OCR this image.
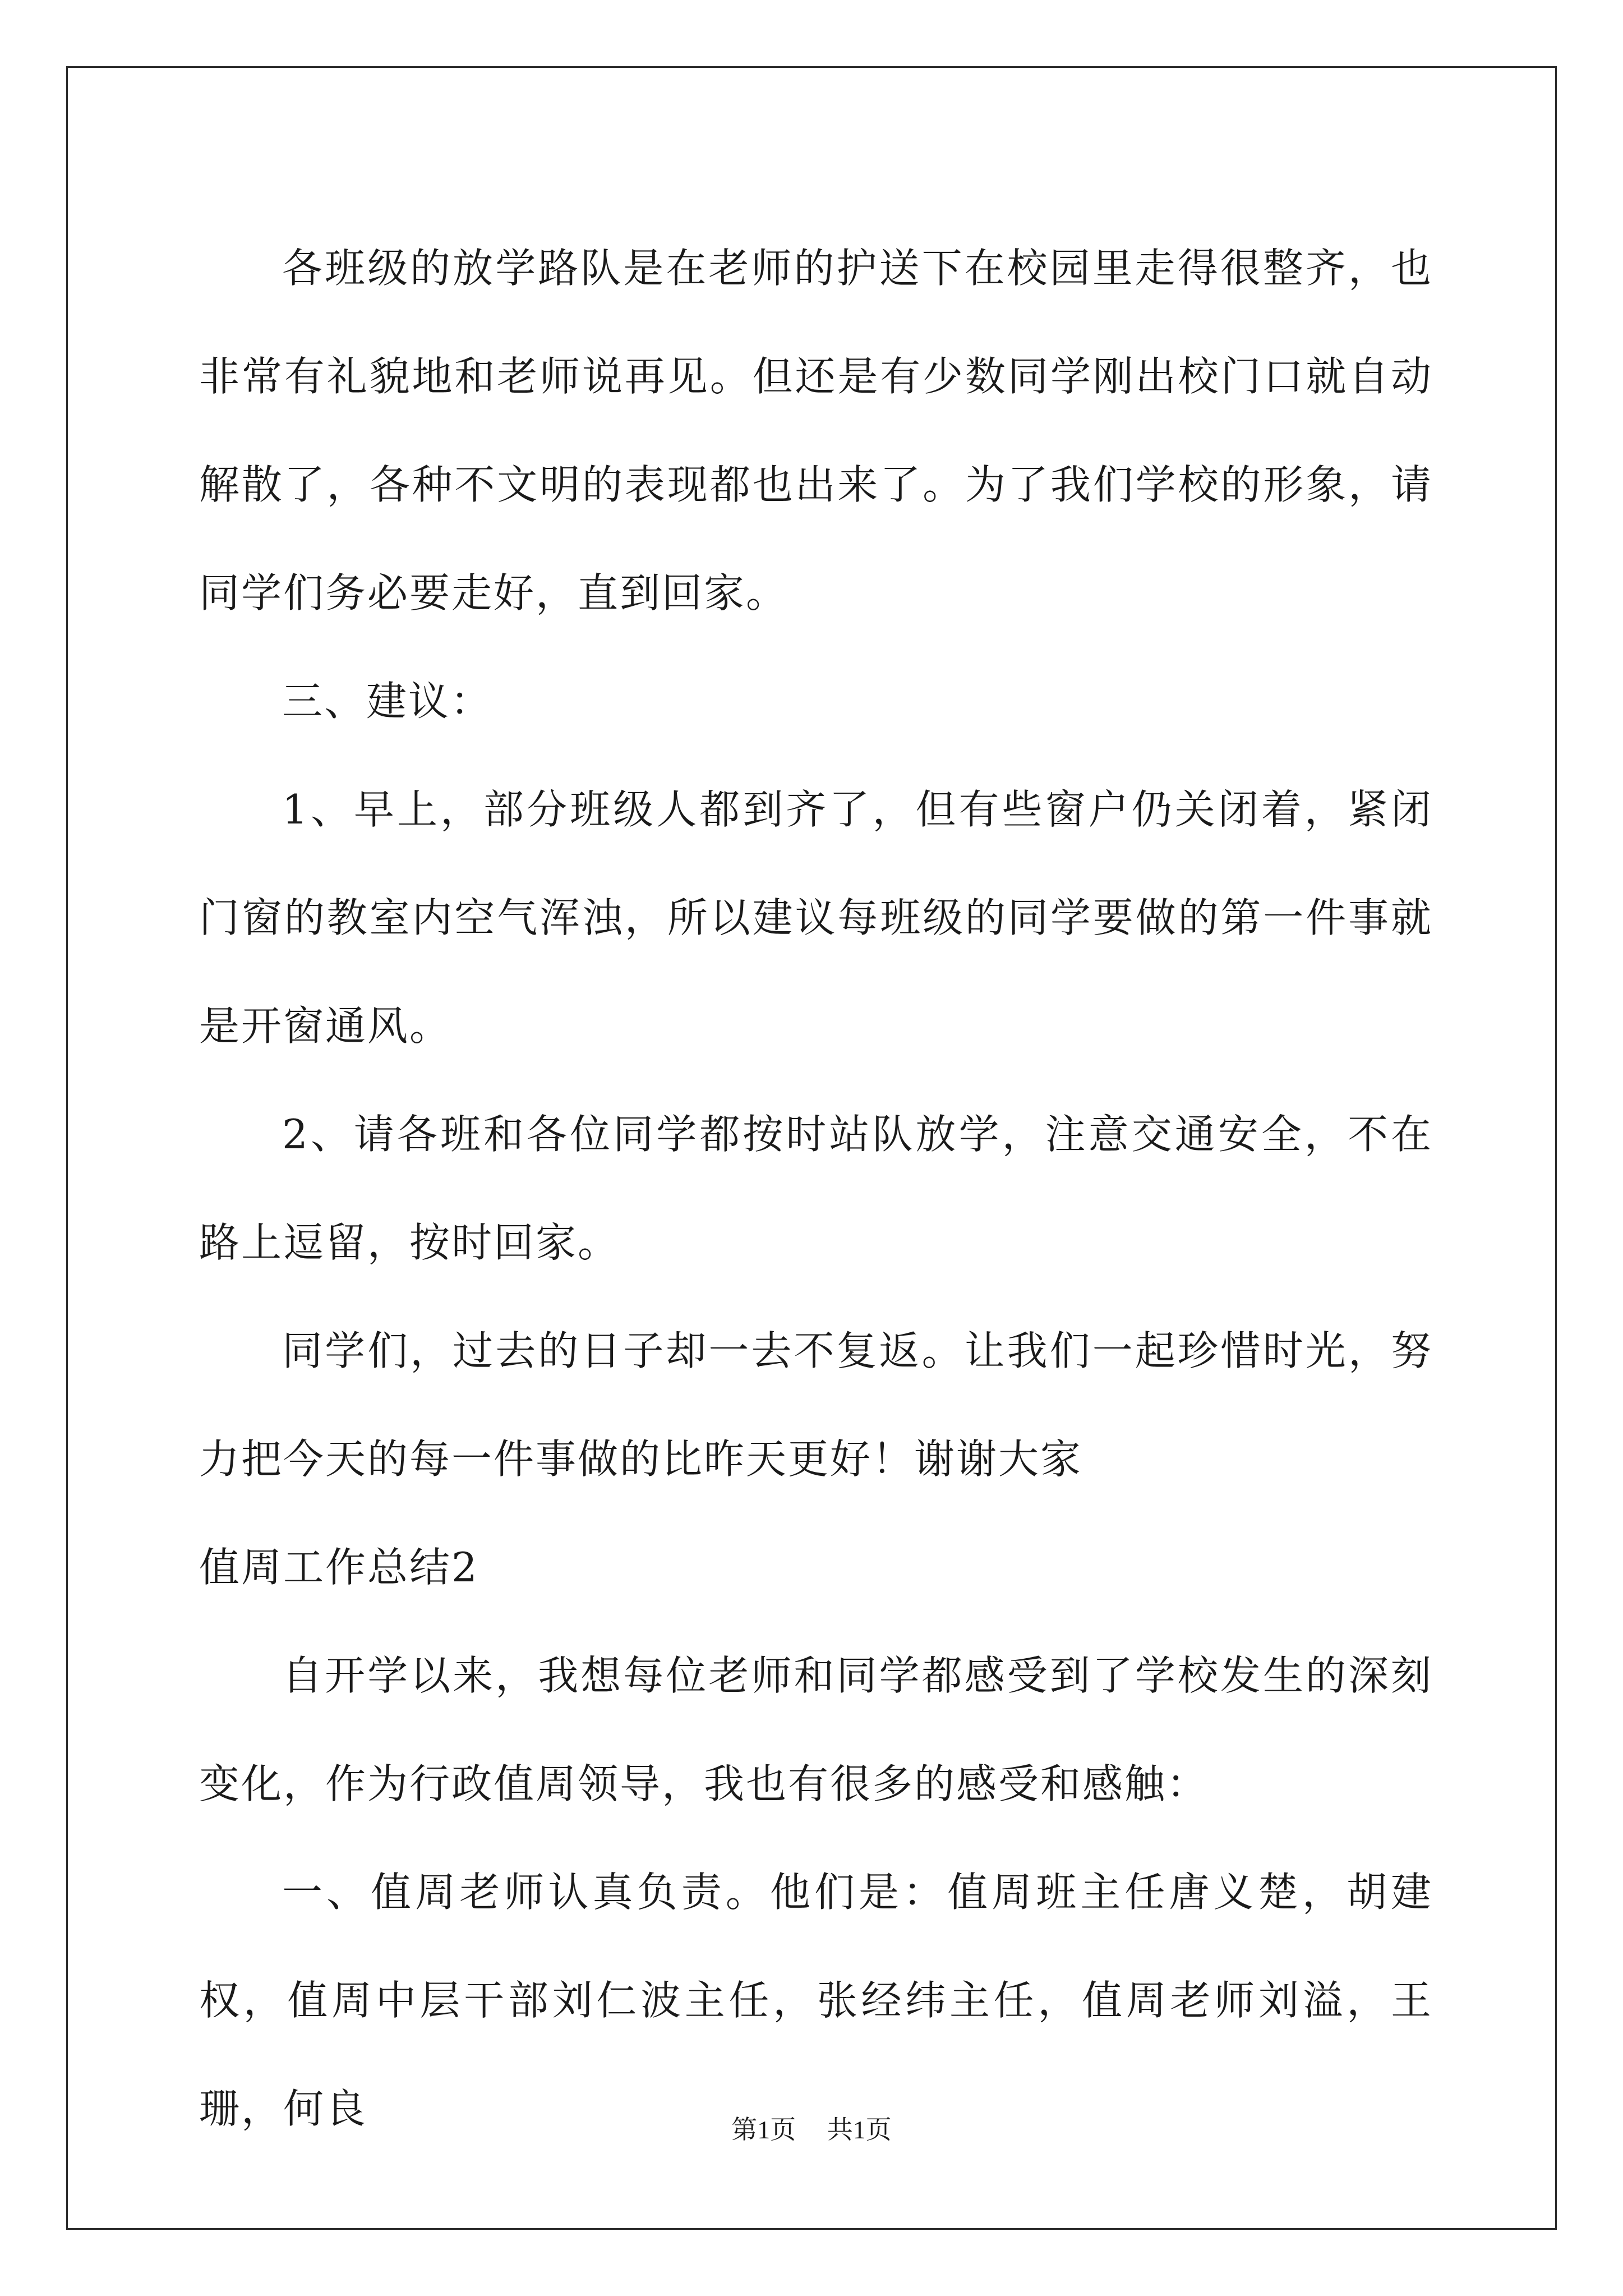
各班级的放学路队是在老师的护送下在校园里走得很整齐，也非常有礼貌地和老师说再见。但还是有少数同学刚出校门口就自动解散了，各种不文明的表现都也出来了。为了我们学校的形象，请同学们务必要走好，直到回家。

三、建议：

1、早上，部分班级人都到齐了，但有些窗户仍关闭着，紧闭门窗的教室内空气浑浊，所以建议每班级的同学要做的第一件事就是开窗通风。

2、请各班和各位同学都按时站队放学，注意交通安全，不在路上逗留，按时回家。

同学们，过去的日子却一去不复返。让我们一起珍惜时光，努力把今天的每一件事做的比昨天更好！谢谢大家

值周工作总结2

自开学以来，我想每位老师和同学都感受到了学校发生的深刻变化，作为行政值周领导，我也有很多的感受和感触：

一、值周老师认真负责。他们是：值周班主任唐义楚，胡建权，值周中层干部刘仁波主任，张经纬主任，值周老师刘溢，王珊，何良	第1页 共1页
